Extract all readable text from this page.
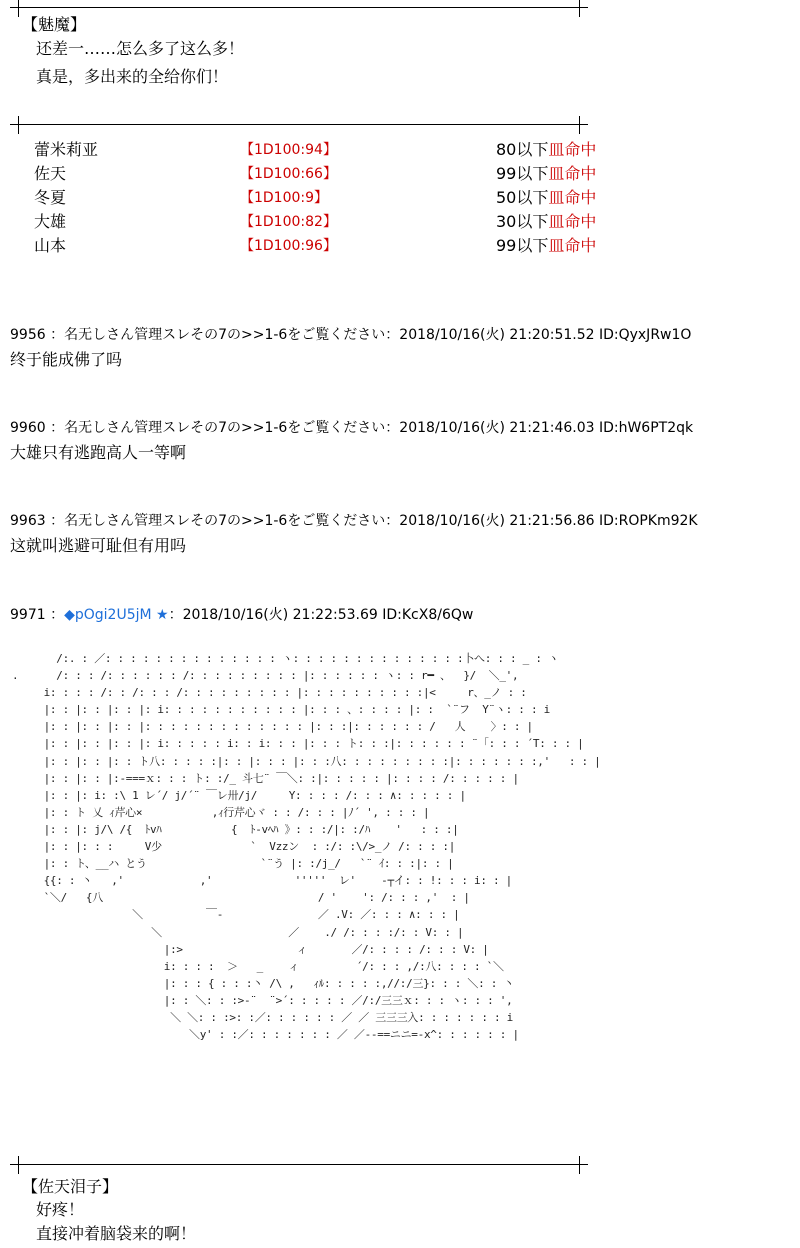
【魅魔】
还差一……怎么多了这么多！
真是，多出来的全给你们！
蕾米莉亚	【1D100:94】	80以下皿命中
佐天	【1D100:66】	99以下皿命中
冬夏	【1D100:9】	50以下皿命中
大雄	【1D100:82】	30以下皿命中
山本	【1D100:96】	99以下皿命中
9956 ：名无しさん管理スレその7の>>1-6をご覧ください：2018/10/16(火) 21:20:51.52 ID:QyxJRw1O
终于能成佛了吗
9960 ：名无しさん管理スレその7の>>1-6をご覧ください：2018/10/16(火) 21:21:46.03 ID:hW6PT2qk
大雄只有逃跑高人一等啊
9963 ：名无しさん管理スレその7の>>1-6をご覧ください：2018/10/16(火) 21:21:56.86 ID:ROPKm92K
这就叫逃避可耻但有用吗
9971 ：◆pOgi2U5jM ★：2018/10/16(火) 21:22:53.69 ID:KcX8/6Qw
/:. : ／: : : : : : : : : : : : : : ヽ: : : : : : : : : : : : : :卜へ: : : _ : ヽ
.      /: : : /: : : : : : /: : : : : : : : : |: : : : : : ヽ: : r━ 、  }/  ＼_',
i: : : : /: : /: : : /: : : : : : : : : |: : : : : : : : : :|<     r、_ノ : :
|: : |: : |: : |: i: : : : : : : : : : : |: : : 、: : : : |: :  `¨フ  Y¨ヽ: : : i
|: : |: : |: : |: : : : : : : : : : : : : |: : :|: : : : : : /   人    〉: : |
|: : |: : |: : |: i: : : : : i: : i: : : |: : : ト: : :|: : : : : : ¨「: : : ´T: : : |
|: : |: : |: : ト八: : : : :|: : |: : : |: : :八: : : : : : : : :|: : : : : : :,'   : : |
|: : |: : |:-===ｘ: : : ト: :/_ 斗七¨ ￣＼: :|: : : : : |: : : : /: : : : : |
|: : |: i: :\ 1 レ´/ j/´¨ ￣レ卅/j/     Y: : : : /: : : ∧: : : : : |
|: : ト 乂 ｨ芹心×           ,ｨ行芹心ヾ : : /: : : |ﾉ´ ', : : : |
|: : |: j/\ /{  ﾄvﾊ           {  ﾄ-vﾍﾊ 》: : :/|: :/ﾊ    '   : : :|
|: : |: : :     V少              `  Vzzン  : :/: :\/>_ノ /: : : :|
|: : ト、__ハ とう                  `¨う |: :/j_/   `¨ ｲ: : :|: : |
{{: : 丶   ,'            ,'             '''''  レ'    ‐┬イ: : !: : : i: : |
`＼/   {八                                  / '    ': /: : : ,'  : |
＼          ￣-               ／ .V: ／: : : ∧: : : |
＼                    ／    ./ /: : : :/: : V: : |
|:>                  ィ       ／/: : : : /: : : V: |
i: : : :  ＞   _    ィ         ´/: : : ,/:八: : : : `＼
|: : : { : : :丶 /\ ,   ｨﾙ: : : : :,//:/三}: : : ＼: : 丶
|: : ＼: : :>-¨  ¨>´: : : : : ／/:/三三ｘ: : : ヽ: : : ',
＼ ＼: : :>: :／: : : : : : ／ ／ 三三三入: : : : : : : i
＼y' : :／: : : : : : : ／ ／--==ニニ=-x^: : : : : : |
【佐天泪子】
好疼！
直接冲着脑袋来的啊！
